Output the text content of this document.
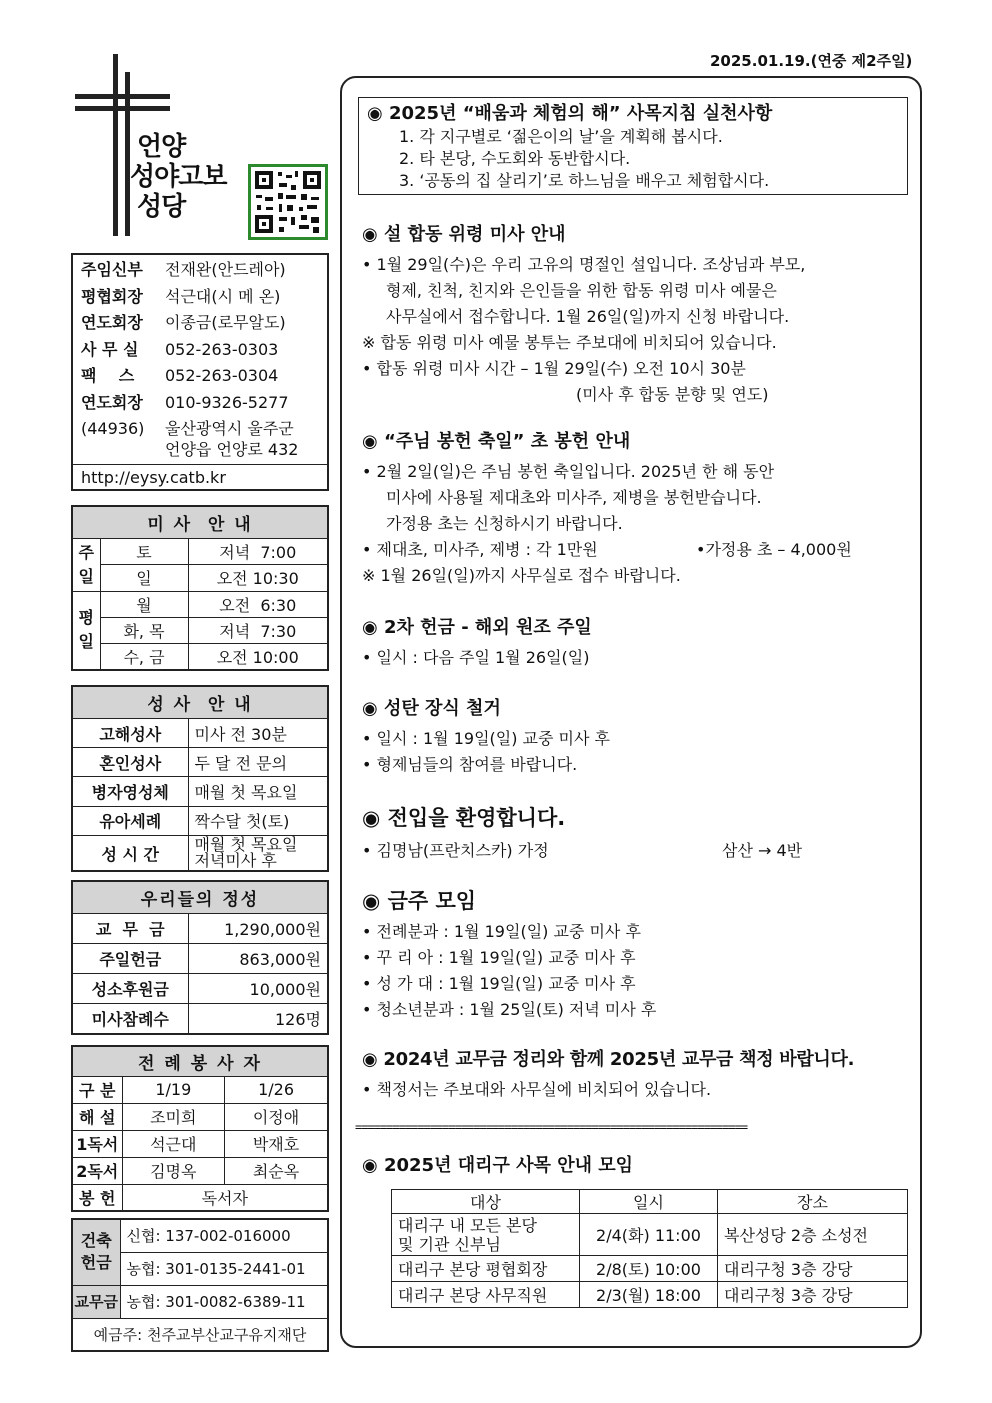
2025.01.19.(연중 제2주일)
언양
성당
성야고보
주임신부 전재완(안드레아)
평협회장 석근대(시 메 온)
연도회장 이종금(로무알도)
사 무 실 052-263-0303
팩    스 052-263-0304
연도회장 010-9326-5277
(44936)	울산광역시 울주군
언양읍 언양로 432
http://eysy.catb.kr
미 사  안 내		

주
일	토	저녁  7:00
	일	오전 10:30

평
일	월	오전  6:30
	화, 목	저녁  7:30
	수, 금	오전 10:00
성 사  안 내	
고해성사	미사 전 30분
혼인성사	두 달 전 문의
병자영성체	매월 첫 목요일
유아세례	짝수달 첫(토)
성 시 간	매월 첫 목요일
저녁미사 후
우리들의 정성	
교  무  금	1,290,000원
주일헌금	863,000원
성소후원금	10,000원
미사참례수	126명
전 례 봉 사 자		
구 분	1/19	1/26
해 설	조미희	이정애
1독서	석근대	박재호
2독서	김명옥	최순옥
봉 헌	독서자	
건축
헌금	신협: 137-002-016000
	농협: 301-0135-2441-01
교무금	농협: 301-0082-6389-11
예금주: 천주교부산교구유지재단	
◉ 2025년 “배움과 체험의 해” 사목지침 실천사항
1. 각 지구별로 ‘젊은이의 날’을 계획해 봅시다.
2. 타 본당, 수도회와 동반합시다.
3. ‘공동의 집 살리기’로 하느님을 배우고 체험합시다.
◉ 설 합동 위령 미사 안내
• 1월 29일(수)은 우리 고유의 명절인 설입니다. 조상님과 부모,
형제, 친척, 친지와 은인들을 위한 합동 위령 미사 예물은
사무실에서 접수합니다. 1월 26일(일)까지 신청 바랍니다.
※ 합동 위령 미사 예물 봉투는 주보대에 비치되어 있습니다.
• 합동 위령 미사 시간 – 1월 29일(수) 오전 10시 30분
(미사 후 합동 분향 및 연도)
◉ “주님 봉헌 축일” 초 봉헌 안내
• 2월 2일(일)은 주님 봉헌 축일입니다. 2025년 한 해 동안
미사에 사용될 제대초와 미사주, 제병을 봉헌받습니다.
가정용 초는 신청하시기 바랍니다.
• 제대초, 미사주, 제병 : 각 1만원	•가정용 초 – 4,000원
※ 1월 26일(일)까지 사무실로 접수 바랍니다.
◉ 2차 헌금 - 해외 원조 주일
• 일시 : 다음 주일 1월 26일(일)
◉ 성탄 장식 철거
• 일시 : 1월 19일(일) 교중 미사 후
• 형제님들의 참여를 바랍니다.
◉ 전입을 환영합니다.
• 김명남(프란치스카) 가정	삼산 → 4반
◉ 금주 모임
• 전례분과 : 1월 19일(일) 교중 미사 후
• 꾸 리 아 : 1월 19일(일) 교중 미사 후
• 성 가 대 : 1월 19일(일) 교중 미사 후
• 청소년분과 : 1월 25일(토) 저녁 미사 후
◉ 2024년 교무금 정리와 함께 2025년 교무금 책정 바랍니다.
• 책정서는 주보대와 사무실에 비치되어 있습니다.
===============================================================
◉ 2025년 대리구 사목 안내 모임
대상	일시	장소

대리구 내 모든 본당
및 기관 신부님	2/4(화) 11:00	복산성당 2층 소성전
대리구 본당 평협회장	2/8(토) 10:00	대리구청 3층 강당
대리구 본당 사무직원	2/3(월) 18:00	대리구청 3층 강당
